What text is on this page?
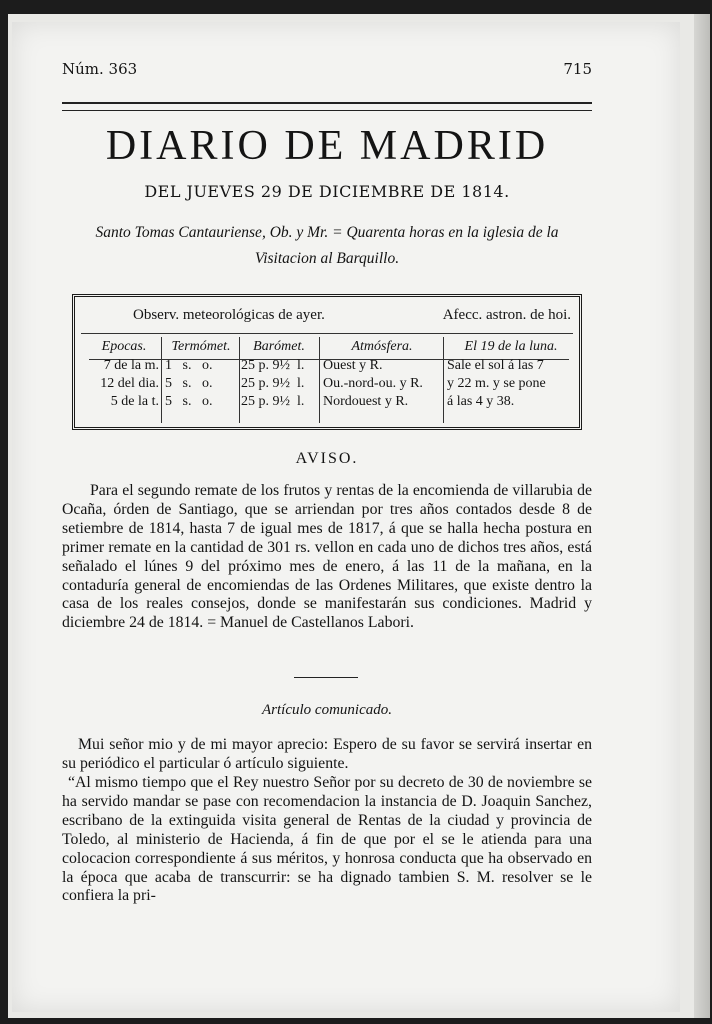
Núm. 363	715
DIARIO DE MADRID
DEL JUEVES 29 DE DICIEMBRE DE 1814.
Santo Tomas Cantauriense, Ob. y Mr. = Quarenta horas en la iglesia de la Visitacion al Barquillo.
Observ. meteorológicas de ayer.	Afecc. astron. de hoi.
Epocas.
7 de la m.
12 del dia.
5 de la t.
Termómet.
1   s.   o.
5   s.   o.
5   s.   o.
Barómet.
25 p. 9½  l.
25 p. 9½  l.
25 p. 9½  l.
Atmósfera.
Ouest y R.
Ou.-nord-ou. y R.
Nordouest y R.
El 19 de la luna.
Sale el sol á las 7
y 22 m. y se pone
á las 4 y 38.
AVISO.
Para el segundo remate de los frutos y rentas de la encomienda de villarubia de Ocaña, órden de Santiago, que se arriendan por tres años contados desde 8 de setiembre de 1814, hasta 7 de igual mes de 1817, á que se halla hecha postura en primer remate en la cantidad de 301 rs. vellon en cada uno de dichos tres años, está señalado el lúnes 9 del próximo mes de enero, á las 11 de la mañana, en la contaduría general de encomiendas de las Ordenes Militares, que existe dentro la casa de los reales consejos, donde se manifestarán sus condiciones. Madrid y diciembre 24 de 1814. = Manuel de Castellanos Labori.
Artículo comunicado.
Mui señor mio y de mi mayor aprecio: Espero de su favor se servirá insertar en su periódico el particular ó artículo siguiente.
“Al mismo tiempo que el Rey nuestro Señor por su decreto de 30 de noviembre se ha servido mandar se pase con recomendacion la instancia de D. Joaquin Sanchez, escribano de la extinguida visita general de Rentas de la ciudad y provincia de Toledo, al ministerio de Hacienda, á fin de que por el se le atienda para una colocacion correspondiente á sus méritos, y honrosa conducta que ha observado en la época que acaba de transcurrir: se ha dignado tambien S. M. resolver se le confiera la pri-
